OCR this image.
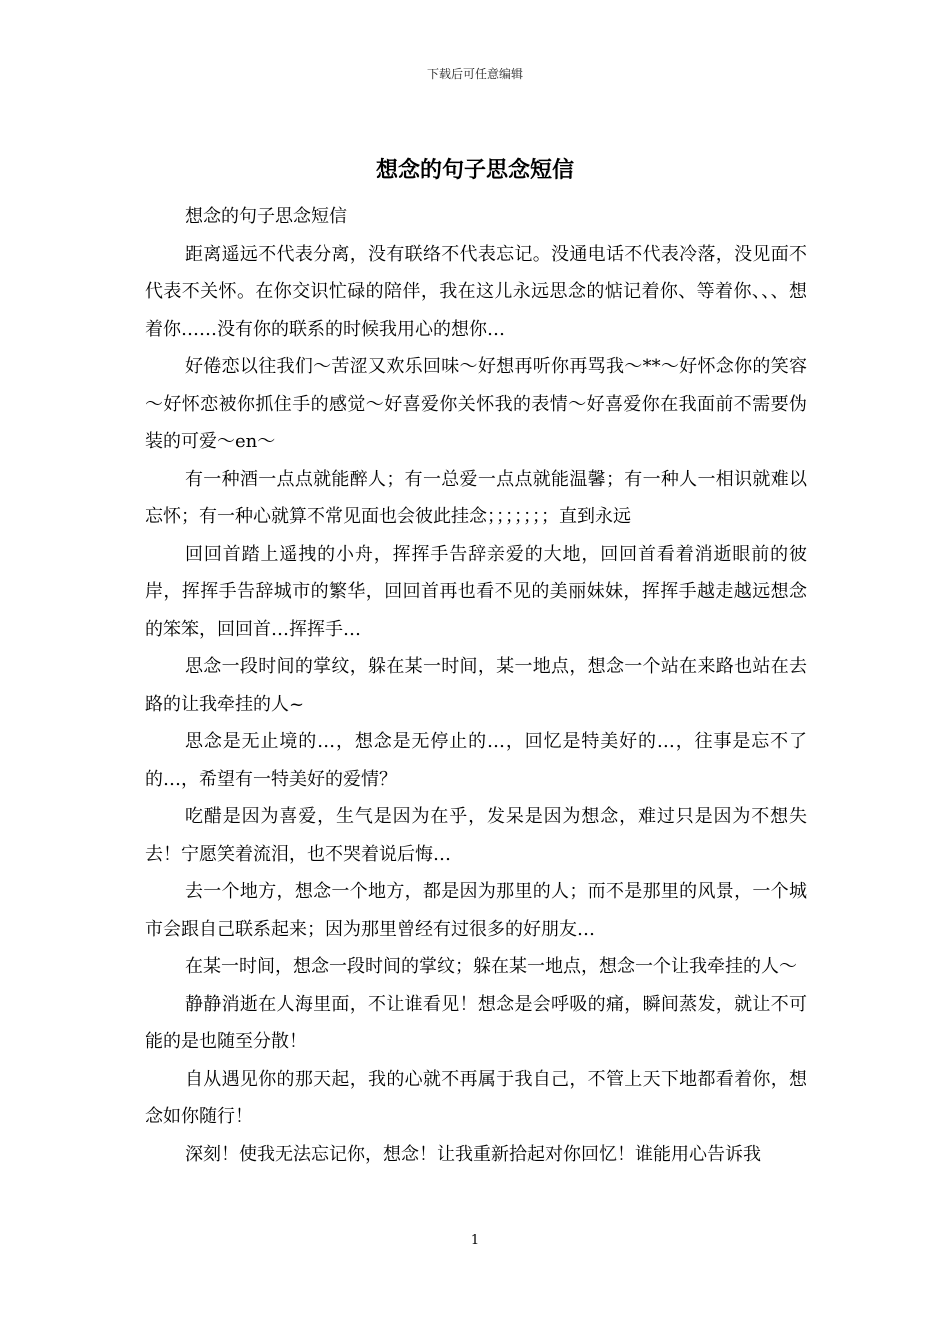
下载后可任意编辑
想念的句子思念短信

想念的句子思念短信

距离遥远不代表分离，没有联络不代表忘记。没通电话不代表冷落，没见面不代表不关怀。在你交识忙碌的陪伴，我在这儿永远思念的惦记着你、等着你、、、想着你……没有你的联系的时候我用心的想你…

好倦恋以往我们～苦涩又欢乐回味～好想再听你再骂我～**～好怀念你的笑容～好怀恋被你抓住手的感觉～好喜爱你关怀我的表情～好喜爱你在我面前不需要伪装的可爱～en～

有一种酒一点点就能醉人；有一总爱一点点就能温馨；有一种人一相识就难以忘怀；有一种心就算不常见面也会彼此挂念；；；；；；；直到永远

回回首踏上遥拽的小舟，挥挥手告辞亲爱的大地，回回首看着消逝眼前的彼岸，挥挥手告辞城市的繁华，回回首再也看不见的美丽妹妹，挥挥手越走越远想念的笨笨，回回首…挥挥手…

思念一段时间的掌纹，躲在某一时间，某一地点，想念一个站在来路也站在去路的让我牵挂的人~

思念是无止境的…，想念是无停止的…，回忆是特美好的…，往事是忘不了的…，希望有一特美好的爱情？

吃醋是因为喜爱，生气是因为在乎，发呆是因为想念，难过只是因为不想失去！宁愿笑着流泪，也不哭着说后悔…

去一个地方，想念一个地方，都是因为那里的人；而不是那里的风景，一个城市会跟自己联系起来；因为那里曾经有过很多的好朋友…

在某一时间，想念一段时间的掌纹；躲在某一地点，想念一个让我牵挂的人～

静静消逝在人海里面，不让谁看见！想念是会呼吸的痛，瞬间蒸发，就让不可能的是也随至分散！

自从遇见你的那天起，我的心就不再属于我自己，不管上天下地都看着你，想念如你随行！

深刻！使我无法忘记你，想念！让我重新拾起对你回忆！谁能用心告诉我

1
